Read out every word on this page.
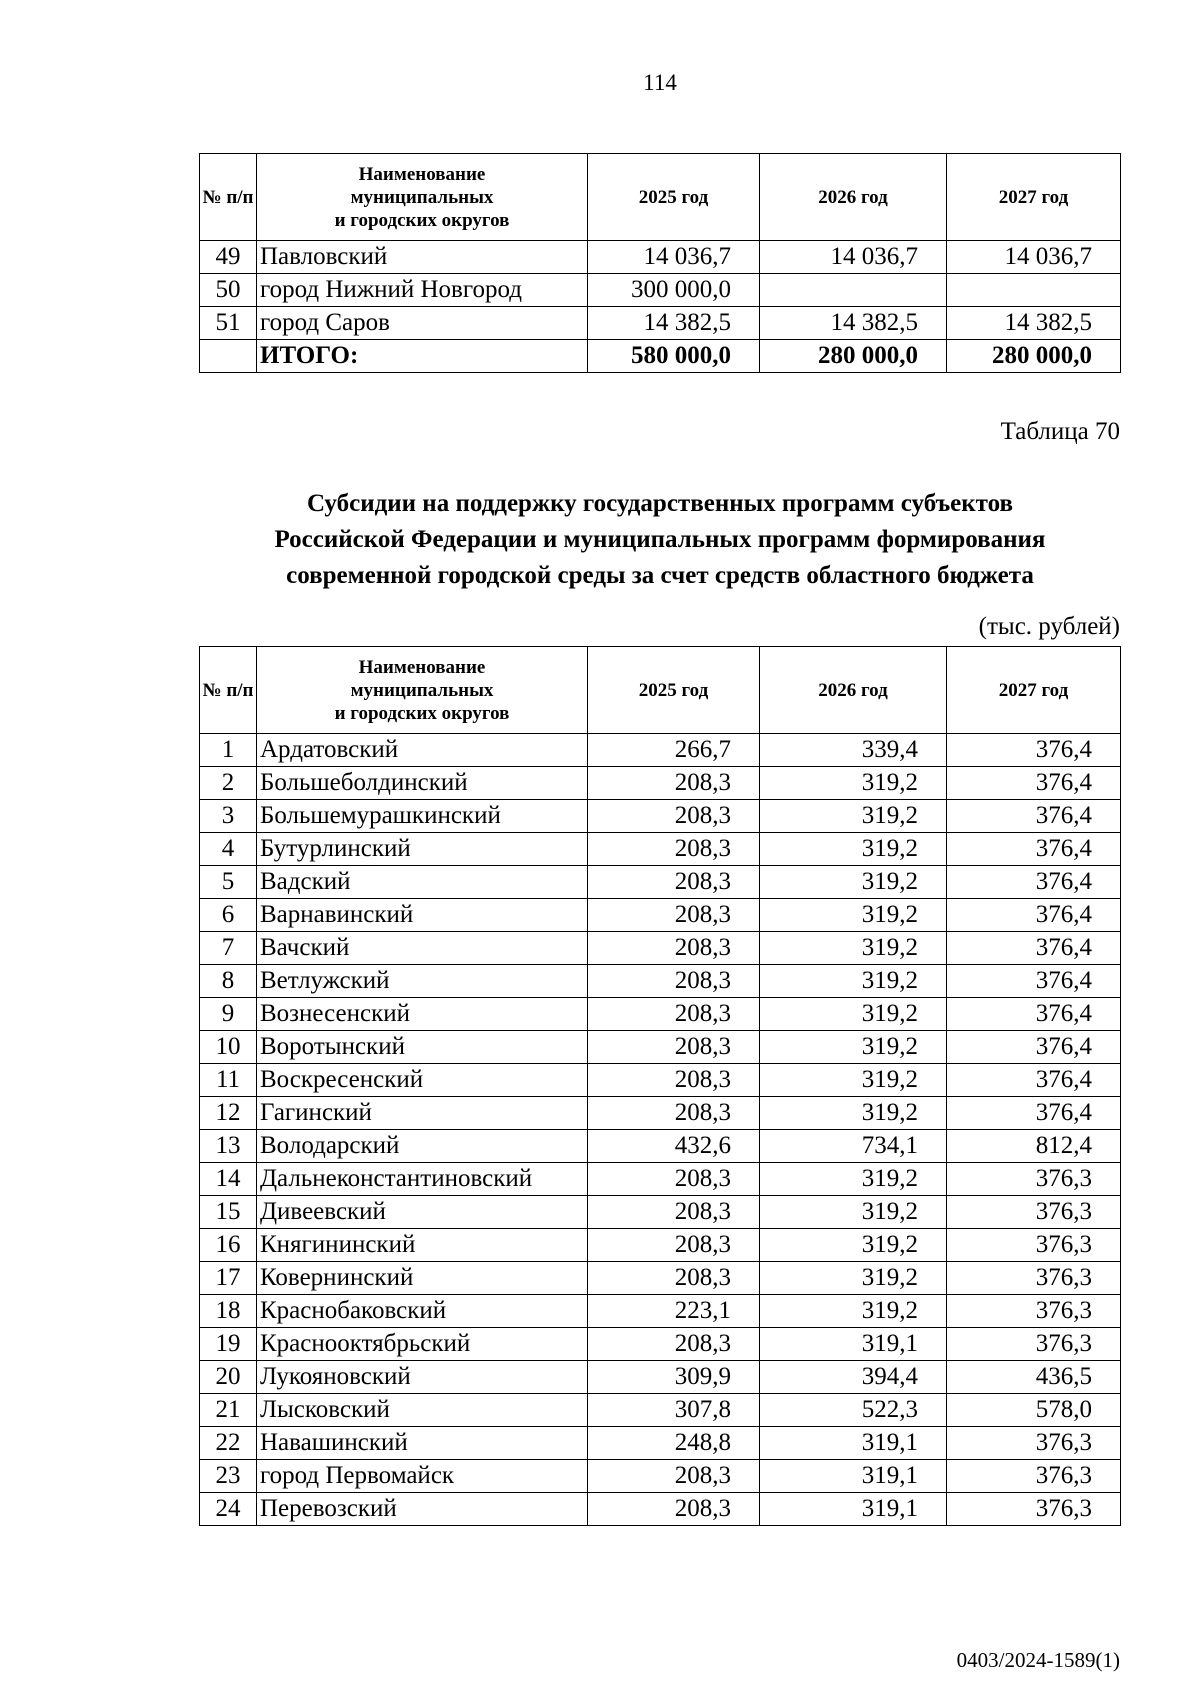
114
№ п/п	Наименование
муниципальных
и городских округов	2025 год	2026 год	2027 год
49	Павловский	14 036,7	14 036,7	14 036,7
50	город Нижний Новгород	300 000,0		
51	город Саров	14 382,5	14 382,5	14 382,5
	ИТОГО:	580 000,0	280 000,0	280 000,0
Таблица 70
Субсидии на поддержку государственных программ субъектов
Российской Федерации и муниципальных программ формирования
современной городской среды за счет средств областного бюджета
(тыс. рублей)
№ п/п	Наименование
муниципальных
и городских округов	2025 год	2026 год	2027 год
1	Ардатовский	266,7	339,4	376,4
2	Большеболдинский	208,3	319,2	376,4
3	Большемурашкинский	208,3	319,2	376,4
4	Бутурлинский	208,3	319,2	376,4
5	Вадский	208,3	319,2	376,4
6	Варнавинский	208,3	319,2	376,4
7	Вачский	208,3	319,2	376,4
8	Ветлужский	208,3	319,2	376,4
9	Вознесенский	208,3	319,2	376,4
10	Воротынский	208,3	319,2	376,4
11	Воскресенский	208,3	319,2	376,4
12	Гагинский	208,3	319,2	376,4
13	Володарский	432,6	734,1	812,4
14	Дальнеконстантиновский	208,3	319,2	376,3
15	Дивеевский	208,3	319,2	376,3
16	Княгининский	208,3	319,2	376,3
17	Ковернинский	208,3	319,2	376,3
18	Краснобаковский	223,1	319,2	376,3
19	Краснооктябрьский	208,3	319,1	376,3
20	Лукояновский	309,9	394,4	436,5
21	Лысковский	307,8	522,3	578,0
22	Навашинский	248,8	319,1	376,3
23	город Первомайск	208,3	319,1	376,3
24	Перевозский	208,3	319,1	376,3
0403/2024-1589(1)
